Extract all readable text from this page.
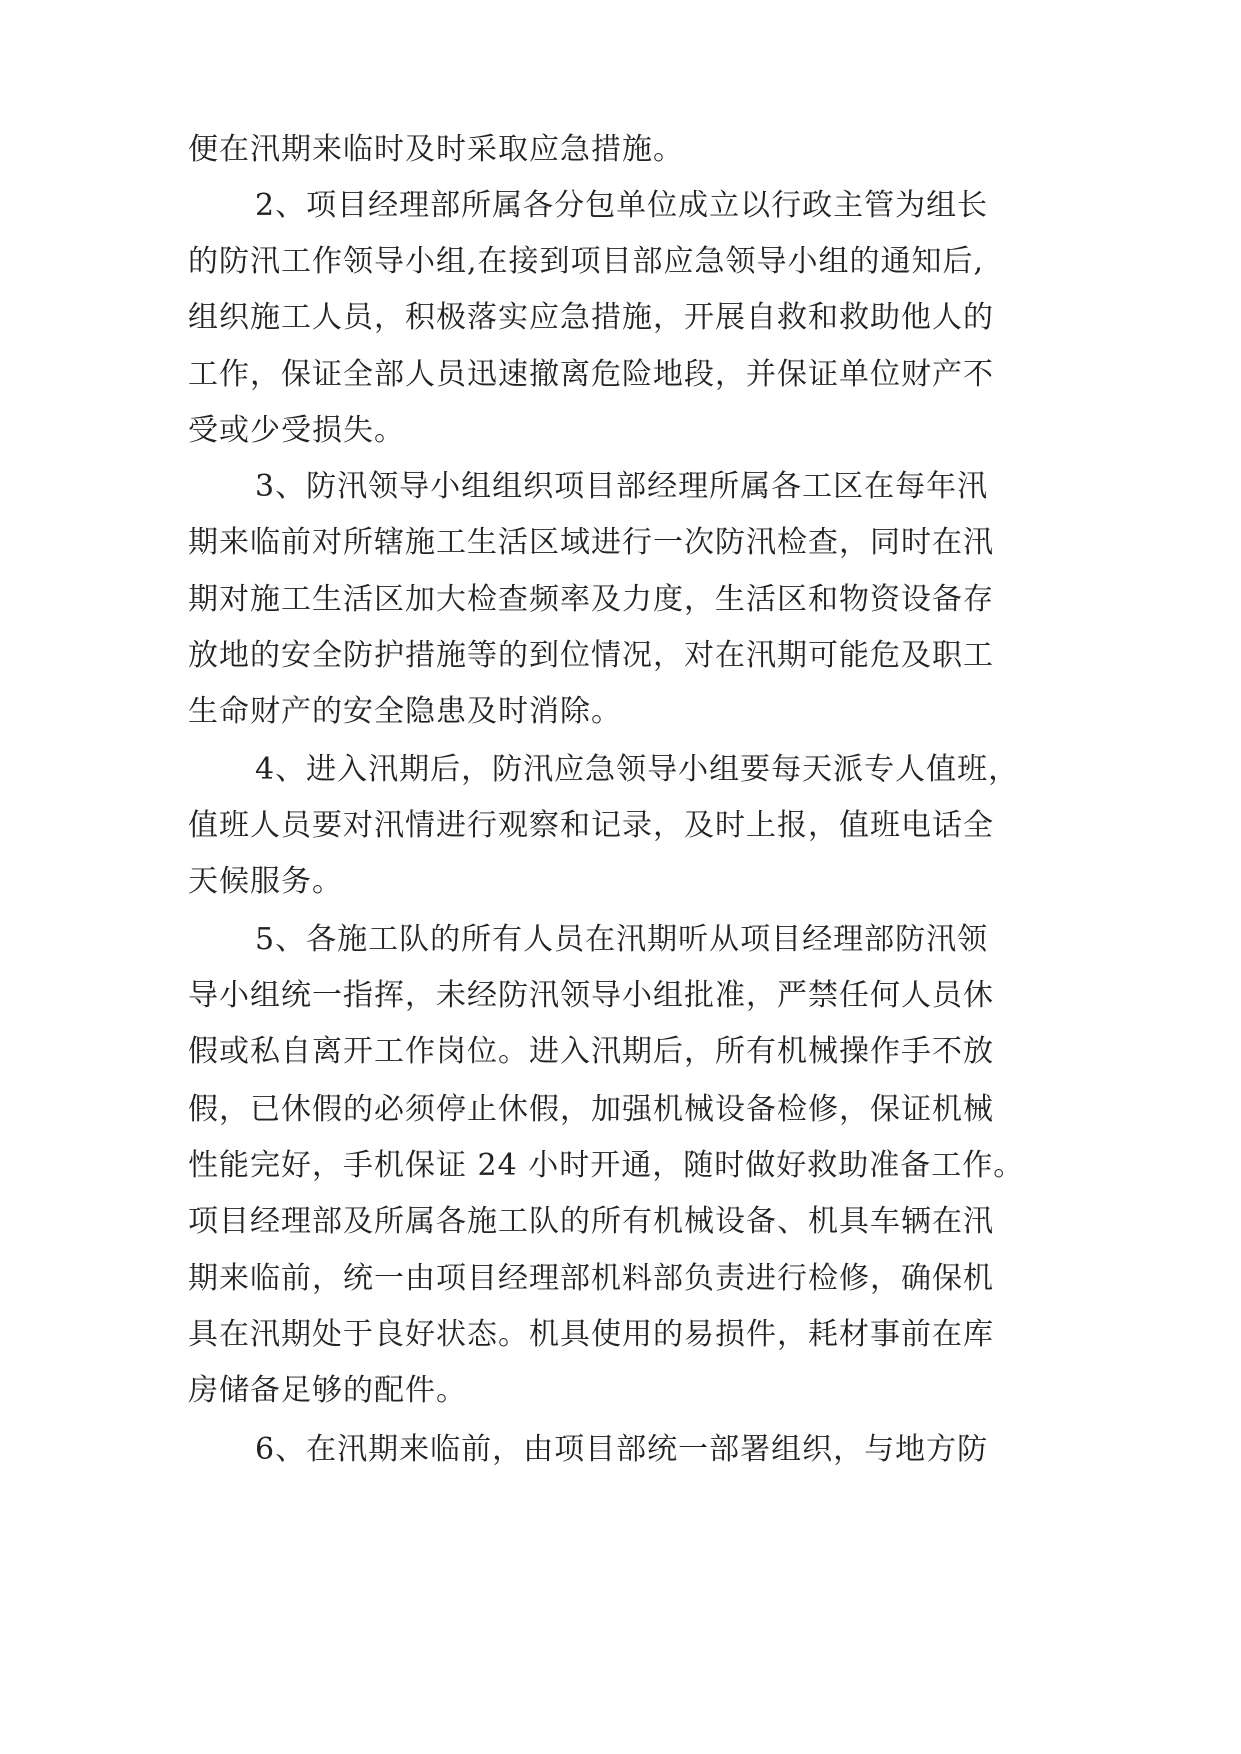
便在汛期来临时及时采取应急措施。
2、项目经理部所属各分包单位成立以行政主管为组长
的防汛工作领导小组,在接到项目部应急领导小组的通知后,
组织施工人员，积极落实应急措施，开展自救和救助他人的
工作，保证全部人员迅速撤离危险地段，并保证单位财产不
受或少受损失。
3、防汛领导小组组织项目部经理所属各工区在每年汛
期来临前对所辖施工生活区域进行一次防汛检查，同时在汛
期对施工生活区加大检查频率及力度，生活区和物资设备存
放地的安全防护措施等的到位情况，对在汛期可能危及职工
生命财产的安全隐患及时消除。
4、进入汛期后，防汛应急领导小组要每天派专人值班，
值班人员要对汛情进行观察和记录，及时上报，值班电话全
天候服务。
5、各施工队的所有人员在汛期听从项目经理部防汛领
导小组统一指挥，未经防汛领导小组批准，严禁任何人员休
假或私自离开工作岗位。进入汛期后，所有机械操作手不放
假，已休假的必须停止休假，加强机械设备检修，保证机械
性能完好，手机保证 24 小时开通，随时做好救助准备工作。
项目经理部及所属各施工队的所有机械设备、机具车辆在汛
期来临前，统一由项目经理部机料部负责进行检修，确保机
具在汛期处于良好状态。机具使用的易损件，耗材事前在库
房储备足够的配件。
6、在汛期来临前，由项目部统一部署组织，与地方防
